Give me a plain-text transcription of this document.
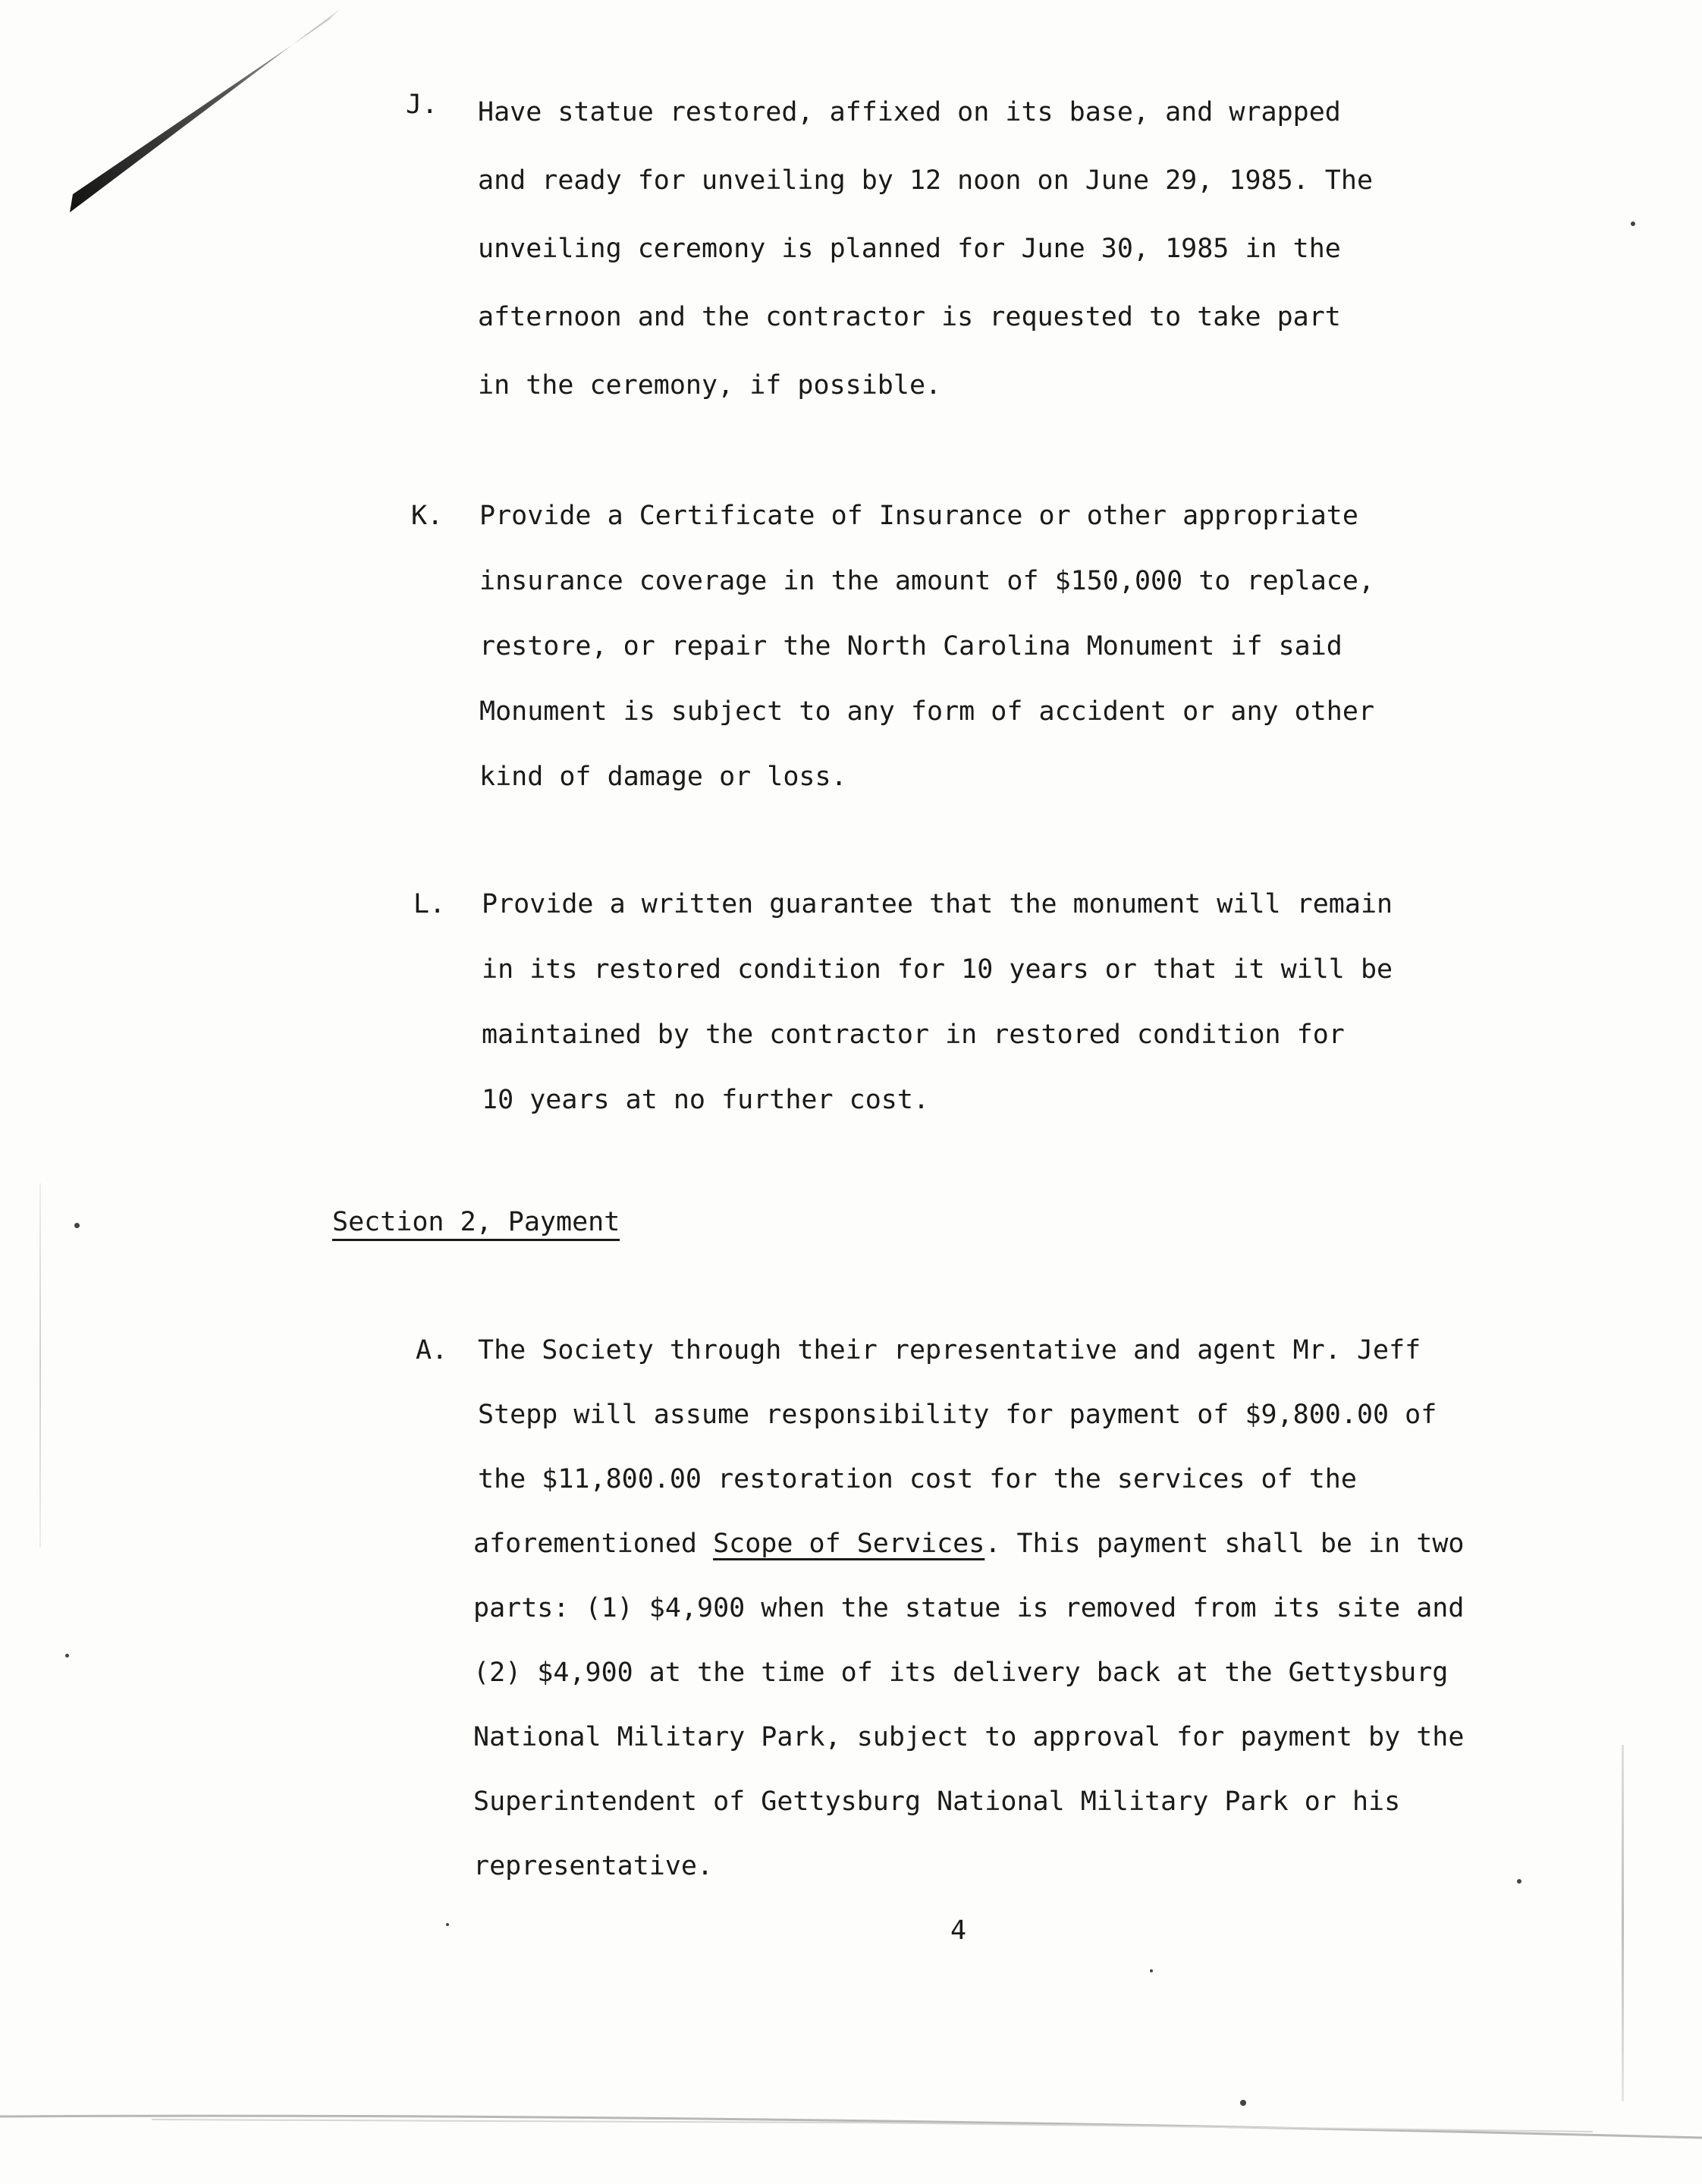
J. Have statue restored, affixed on its base, and wrapped
and ready for unveiling by 12 noon on June 29, 1985. The
unveiling ceremony is planned for June 30, 1985 in the
afternoon and the contractor is requested to take part
in the ceremony, if possible.
K. Provide a Certificate of Insurance or other appropriate
insurance coverage in the amount of $150,000 to replace,
restore, or repair the North Carolina Monument if said
Monument is subject to any form of accident or any other
kind of damage or loss.
L. Provide a written guarantee that the monument will remain
in its restored condition for 10 years or that it will be
maintained by the contractor in restored condition for
10 years at no further cost.
Section 2, Payment
A. The Society through their representative and agent Mr. Jeff
Stepp will assume responsibility for payment of $9,800.00 of
the $11,800.00 restoration cost for the services of the
aforementioned Scope of Services. This payment shall be in two
parts: (1) $4,900 when the statue is removed from its site and
(2) $4,900 at the time of its delivery back at the Gettysburg
National Military Park, subject to approval for payment by the
Superintendent of Gettysburg National Military Park or his
representative.
4
